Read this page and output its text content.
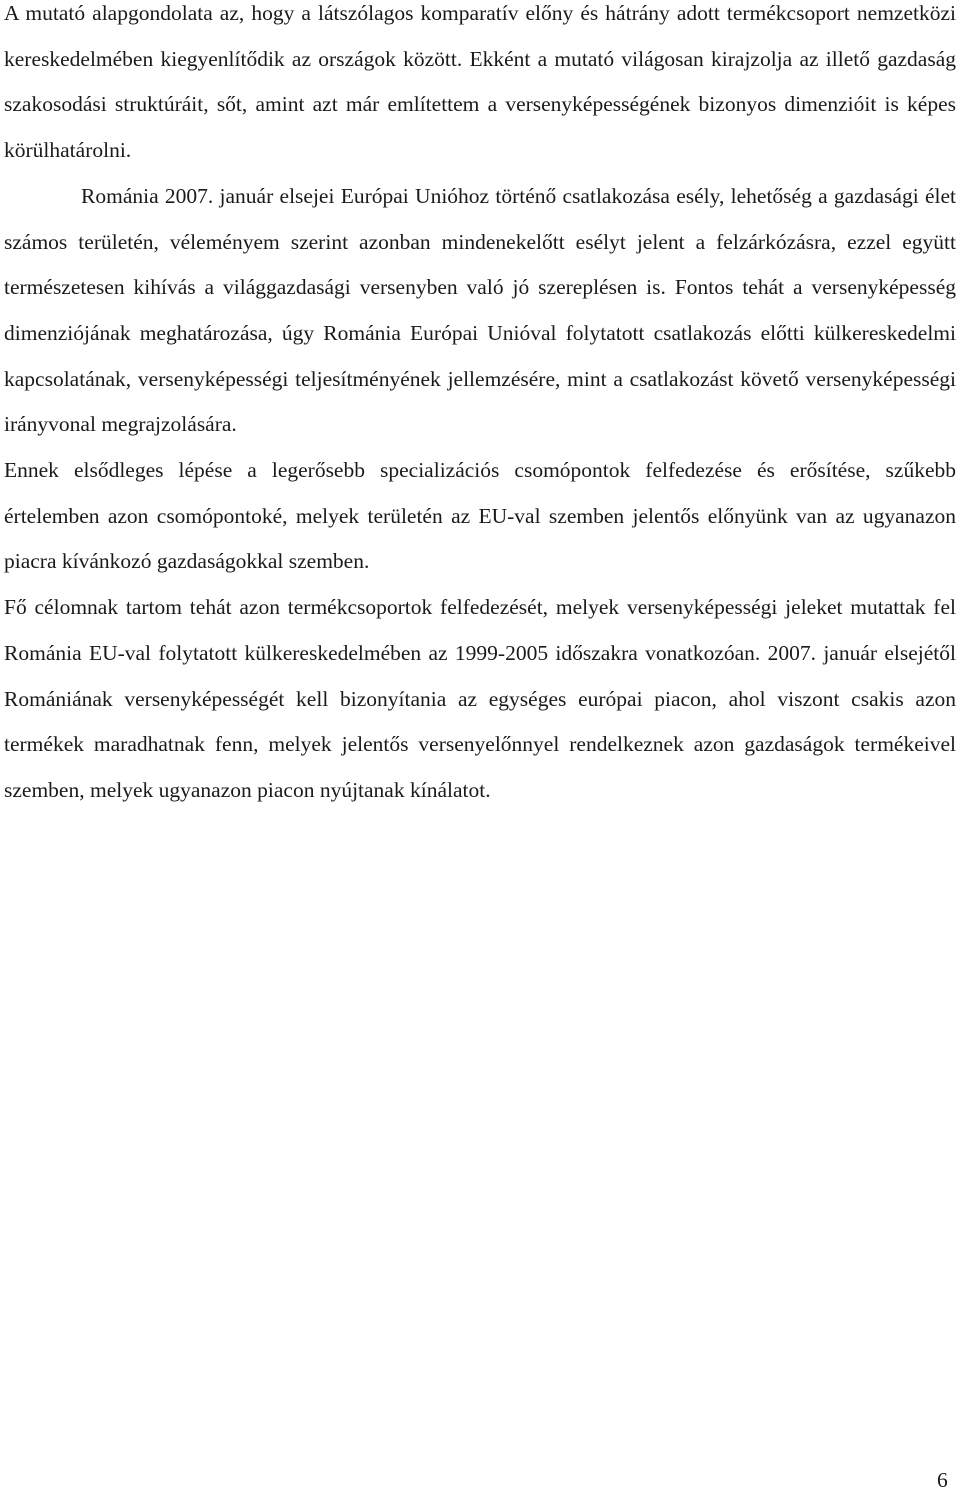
A mutató alapgondolata az, hogy a látszólagos komparatív előny és hátrány adott termékcsoport nemzetközi kereskedelmében kiegyenlítődik az országok között. Ekként a mutató világosan kirajzolja az illető gazdaság szakosodási struktúráit, sőt, amint azt már említettem a versenyképességének bizonyos dimenzióit is képes körülhatárolni.

Románia 2007. január elsejei Európai Unióhoz történő csatlakozása esély, lehetőség a gazdasági élet számos területén, véleményem szerint azonban mindenekelőtt esélyt jelent a felzárkózásra, ezzel együtt természetesen kihívás a világgazdasági versenyben való jó szereplésen is. Fontos tehát a versenyképesség dimenziójának meghatározása, úgy Románia Európai Unióval folytatott csatlakozás előtti külkereskedelmi kapcsolatának, versenyképességi teljesítményének jellemzésére, mint a csatlakozást követő versenyképességi irányvonal megrajzolására.

Ennek elsődleges lépése a legerősebb specializációs csomópontok felfedezése és erősítése, szűkebb értelemben azon csomópontoké, melyek területén az EU-val szemben jelentős előnyünk van az ugyanazon piacra kívánkozó gazdaságokkal szemben.

Fő célomnak tartom tehát azon termékcsoportok felfedezését, melyek versenyképességi jeleket mutattak fel Románia EU-val folytatott külkereskedelmében az 1999-2005 időszakra vonatkozóan. 2007. január elsejétől Romániának versenyképességét kell bizonyítania az egységes európai piacon, ahol viszont csakis azon termékek maradhatnak fenn, melyek jelentős versenyelőnnyel rendelkeznek azon gazdaságok termékeivel szemben, melyek ugyanazon piacon nyújtanak kínálatot.

6
